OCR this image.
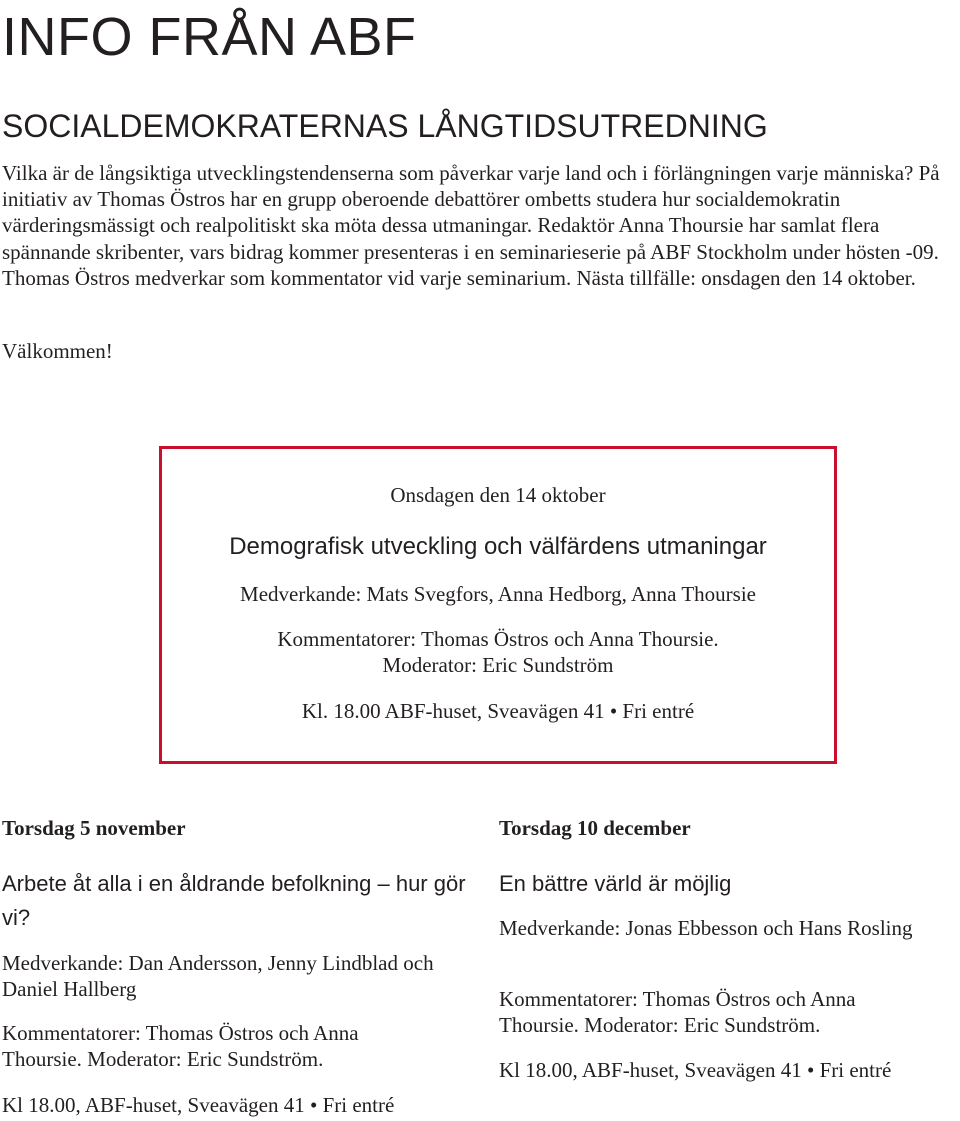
INFO FRÅN ABF
SOCIALDEMOKRATERNAS LÅNGTIDSUTREDNING

Vilka är de långsiktiga utvecklingstendenserna som påverkar varje land och i förlängningen varje människa? På initiativ av Thomas Östros har en grupp oberoende debattörer ombetts studera hur socialdemokratin värderingsmässigt och realpolitiskt ska möta dessa utmaningar. Redaktör Anna Thoursie har samlat flera spännande skribenter, vars bidrag kommer presenteras i en seminarieserie på ABF Stockholm under hösten -09. Thomas Östros medverkar som kommentator vid varje seminarium. Nästa tillfälle: onsdagen den 14 oktober.

Välkommen!

Onsdagen den 14 oktober

Demografisk utveckling och välfärdens utmaningar

Medverkande: Mats Svegfors, Anna Hedborg, Anna Thoursie

Kommentatorer: Thomas Östros och Anna Thoursie.

Moderator: Eric Sundström

Kl. 18.00 ABF-huset, Sveavägen 41 • Fri entré

Torsdag 5 november

Arbete åt alla i en åldrande befolkning – hur gör vi?

Medverkande: Dan Andersson, Jenny Lindblad och Daniel Hallberg

Kommentatorer: Thomas Östros och Anna Thoursie. Moderator: Eric Sundström.

Kl 18.00, ABF-huset, Sveavägen 41 • Fri entré

Torsdag 10 december

En bättre värld är möjlig

Medverkande: Jonas Ebbesson och Hans Rosling

Kommentatorer: Thomas Östros och Anna Thoursie. Moderator: Eric Sundström.

Kl 18.00, ABF-huset, Sveavägen 41 • Fri entré
